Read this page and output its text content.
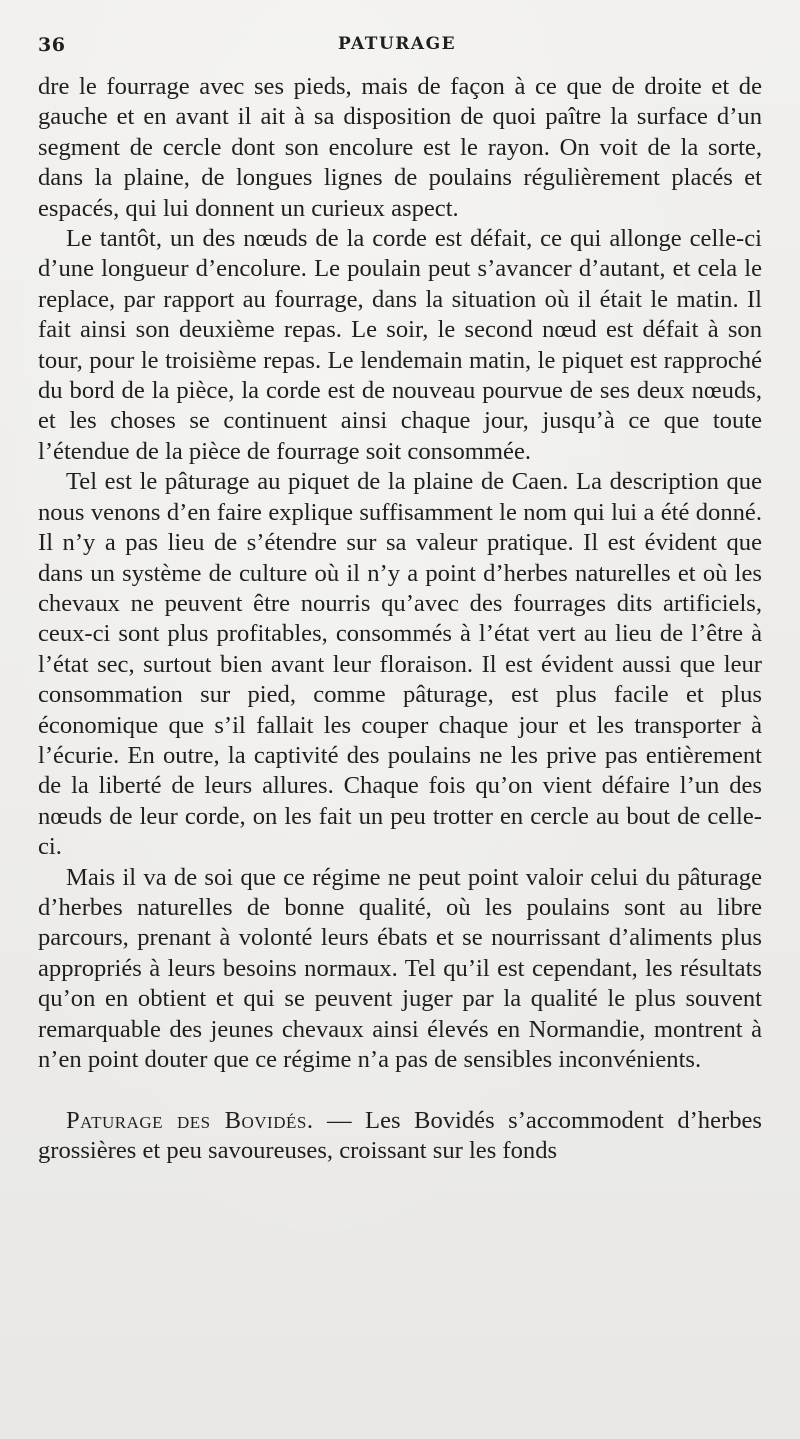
36	PATURAGE

dre le fourrage avec ses pieds, mais de façon à ce que de droite et de gauche et en avant il ait à sa disposition de quoi paître la surface d’un segment de cercle dont son encolure est le rayon. On voit de la sorte, dans la plaine, de longues lignes de poulains régulièrement placés et espacés, qui lui donnent un curieux aspect.

Le tantôt, un des nœuds de la corde est défait, ce qui allonge celle-ci d’une longueur d’encolure. Le poulain peut s’avancer d’autant, et cela le replace, par rapport au fourrage, dans la situation où il était le matin. Il fait ainsi son deuxième repas. Le soir, le second nœud est défait à son tour, pour le troisième repas. Le lendemain matin, le piquet est rapproché du bord de la pièce, la corde est de nouveau pourvue de ses deux nœuds, et les choses se continuent ainsi chaque jour, jusqu’à ce que toute l’étendue de la pièce de fourrage soit consommée.

Tel est le pâturage au piquet de la plaine de Caen. La description que nous venons d’en faire explique suffisamment le nom qui lui a été donné. Il n’y a pas lieu de s’étendre sur sa valeur pratique. Il est évident que dans un système de culture où il n’y a point d’herbes naturelles et où les chevaux ne peuvent être nourris qu’avec des fourrages dits artificiels, ceux-ci sont plus profitables, consommés à l’état vert au lieu de l’être à l’état sec, surtout bien avant leur floraison. Il est évident aussi que leur consommation sur pied, comme pâturage, est plus facile et plus économique que s’il fallait les couper chaque jour et les transporter à l’écurie. En outre, la captivité des poulains ne les prive pas entièrement de la liberté de leurs allures. Chaque fois qu’on vient défaire l’un des nœuds de leur corde, on les fait un peu trotter en cercle au bout de celle-ci.

Mais il va de soi que ce régime ne peut point valoir celui du pâturage d’herbes naturelles de bonne qualité, où les poulains sont au libre parcours, prenant à volonté leurs ébats et se nourrissant d’aliments plus appropriés à leurs besoins normaux. Tel qu’il est cependant, les résultats qu’on en obtient et qui se peuvent juger par la qualité le plus souvent remarquable des jeunes chevaux ainsi élevés en Normandie, montrent à n’en point douter que ce régime n’a pas de sensibles inconvénients.

Paturage des Bovidés. — Les Bovidés s’accommodent d’herbes grossières et peu savoureuses, croissant sur les fonds
